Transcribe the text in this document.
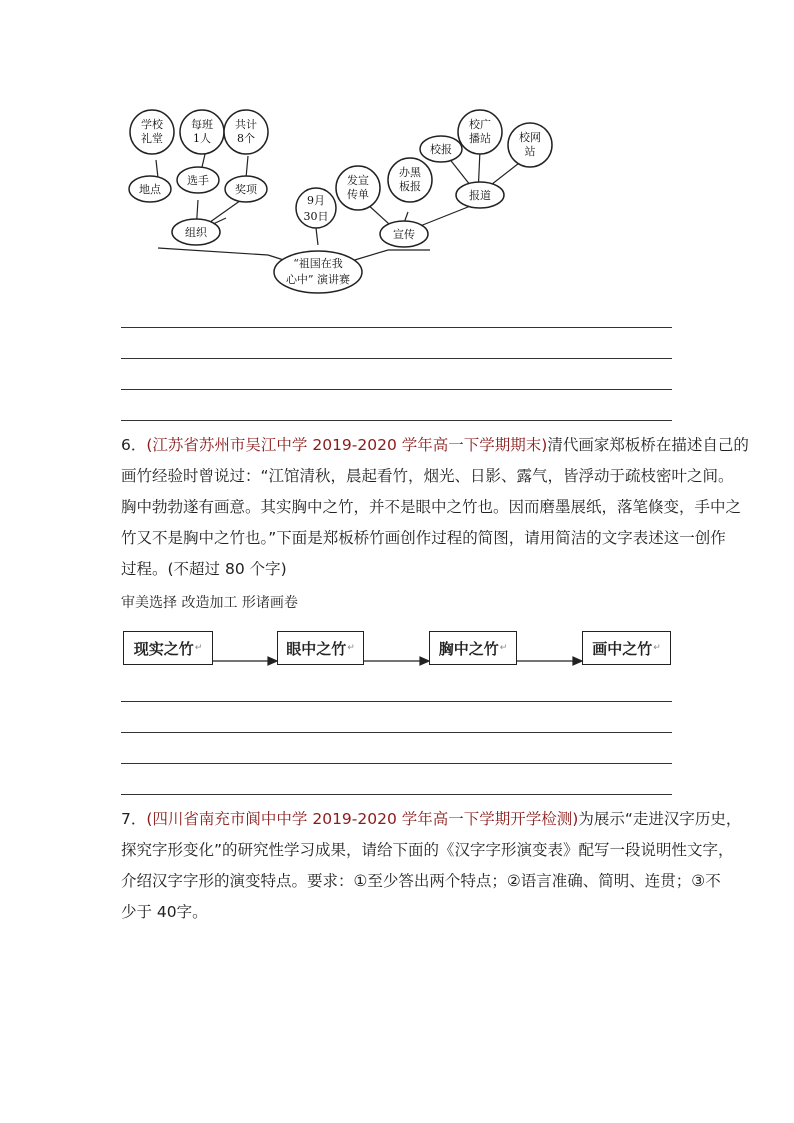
“祖国在我
心中” 演讲赛
9月
30日
组织
地点
选手
奖项
学校
礼堂
每班
1人
共计
8个
宣传
发宣
传单
办黑
板报
报道
校报
校广
播站	校网
站
6．(江苏省苏州市吴江中学 2019-2020 学年高一下学期期末)清代画家郑板桥在描述自己的
画竹经验时曾说过：“江馆清秋，晨起看竹，烟光、日影、露气，皆浮动于疏枝密叶之间。
胸中勃勃遂有画意。其实胸中之竹，并不是眼中之竹也。因而磨墨展纸，落笔倏变，手中之
竹又不是胸中之竹也。”下面是郑板桥竹画创作过程的简图，请用简洁的文字表述这一创作
过程。(不超过 80 个字)
审美选择 改造加工 形诸画卷
现实之竹 ↵	眼中之竹 ↵	胸中之竹 ↵	画中之竹 ↵
7．(四川省南充市阆中中学 2019-2020 学年高一下学期开学检测)为展示“走进汉字历史，
探究字形变化”的研究性学习成果，请给下面的《汉字字形演变表》配写一段说明性文字，
介绍汉字字形的演变特点。要求：①至少答出两个特点；②语言准确、简明、连贯；③不
少于 40字。
